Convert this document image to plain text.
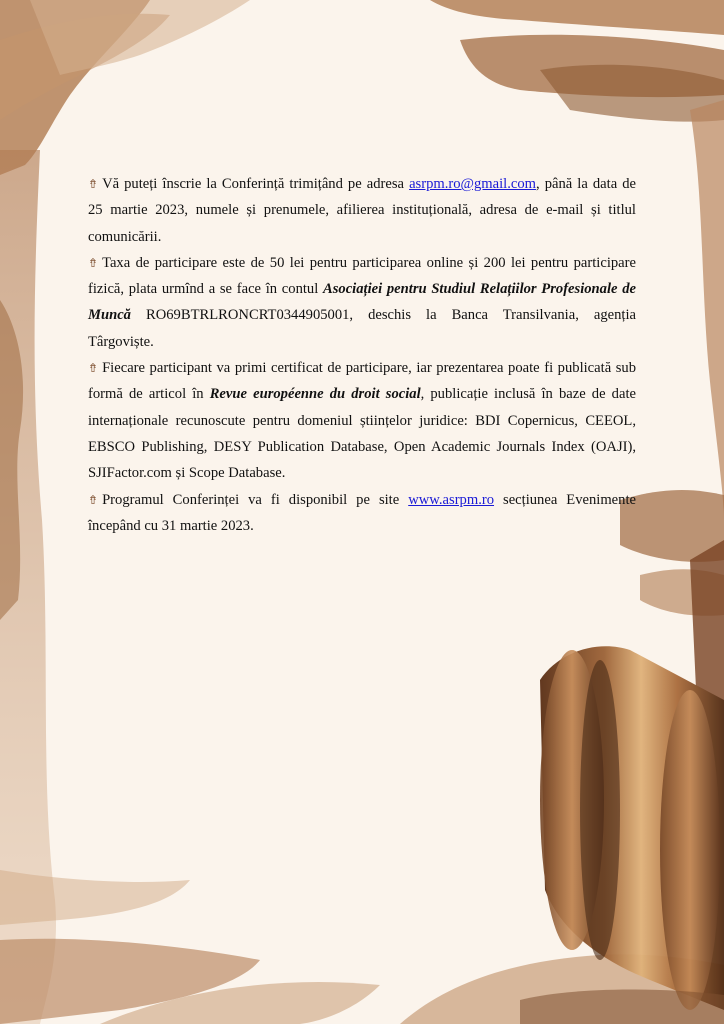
⇮ Vă puteți înscrie la Conferință trimițând pe adresa asrpm.ro@gmail.com, până la data de 25 martie 2023, numele și prenumele, afilierea instituțională, adresa de e-mail și titlul comunicării.

⇮ Taxa de participare este de 50 lei pentru participarea online și 200 lei pentru participare fizică, plata urmînd a se face în contul Asociației pentru Studiul Relațiilor Profesionale de Muncă RO69BTRLRONCRT0344905001, deschis la Banca Transilvania, agenția Târgoviște.

⇮ Fiecare participant va primi certificat de participare, iar prezentarea poate fi publicată sub formă de articol în Revue européenne du droit social, publicație inclusă în baze de date internaționale recunoscute pentru domeniul științelor juridice: BDI Copernicus, CEEOL, EBSCO Publishing, DESY Publication Database, Open Academic Journals Index (OAJI), SJIFactor.com și Scope Database.

⇮ Programul Conferinței va fi disponibil pe site www.asrpm.ro secțiunea Evenimente începând cu 31 martie 2023.
